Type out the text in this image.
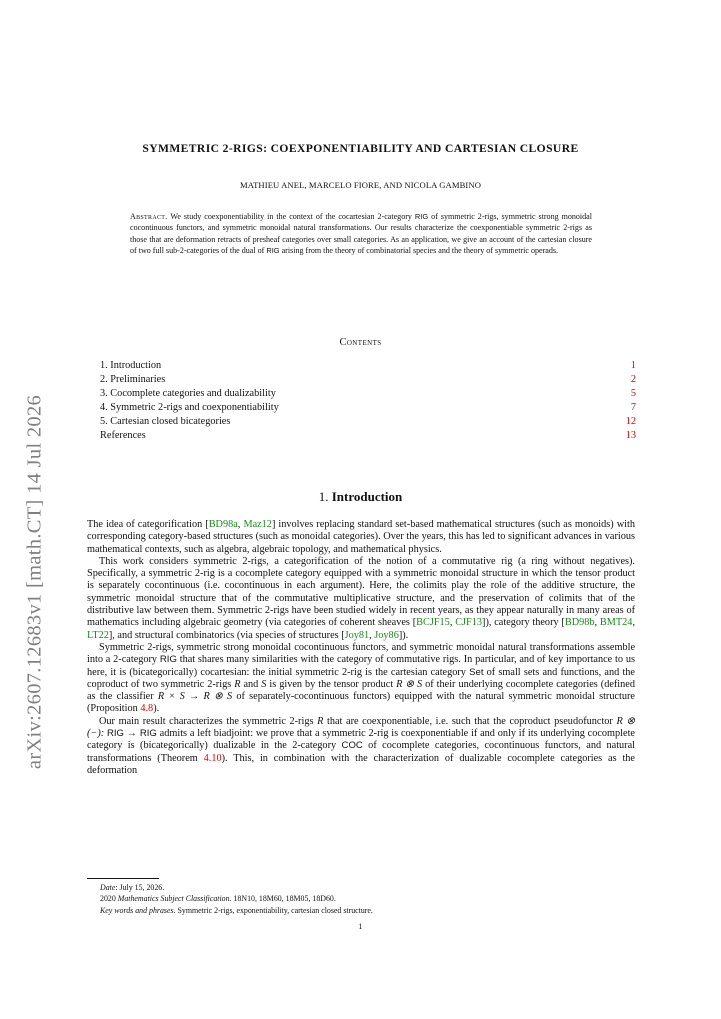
arXiv:2607.12683v1 [math.CT] 14 Jul 2026
SYMMETRIC 2-RIGS: COEXPONENTIABILITY AND CARTESIAN CLOSURE
MATHIEU ANEL, MARCELO FIORE, AND NICOLA GAMBINO
Abstract. We study coexponentiability in the context of the cocartesian 2-category RIG of symmetric 2-rigs, symmetric strong monoidal cocontinuous functors, and symmetric monoidal natural transformations. Our results characterize the coexponentiable symmetric 2-rigs as those that are deformation retracts of presheaf categories over small categories. As an application, we give an account of the cartesian closure of two full sub-2-categories of the dual of RIG arising from the theory of combinatorial species and the theory of symmetric operads.
Contents
1. Introduction	1
2. Preliminaries	2
3. Cocomplete categories and dualizability	5
4. Symmetric 2-rigs and coexponentiability	7
5. Cartesian closed bicategories	12
References	13
1. Introduction

The idea of categorification [BD98a, Maz12] involves replacing standard set-based mathematical structures (such as monoids) with corresponding category-based structures (such as monoidal categories). Over the years, this has led to significant advances in various mathematical contexts, such as algebra, algebraic topology, and mathematical physics.

This work considers symmetric 2-rigs, a categorification of the notion of a commutative rig (a ring without negatives). Specifically, a symmetric 2-rig is a cocomplete category equipped with a symmetric monoidal structure in which the tensor product is separately cocontinuous (i.e. cocontinuous in each argument). Here, the colimits play the role of the additive structure, the symmetric monoidal structure that of the commutative multiplicative structure, and the preservation of colimits that of the distributive law between them. Symmetric 2-rigs have been studied widely in recent years, as they appear naturally in many areas of mathematics including algebraic geometry (via categories of coherent sheaves [BCJF15, CJF13]), category theory [BD98b, BMT24, LT22], and structural combinatorics (via species of structures [Joy81, Joy86]).

Symmetric 2-rigs, symmetric strong monoidal cocontinuous functors, and symmetric monoidal natural transformations assemble into a 2-category RIG that shares many similarities with the category of commutative rigs. In particular, and of key importance to us here, it is (bicategorically) cocartesian: the initial symmetric 2-rig is the cartesian category Set of small sets and functions, and the coproduct of two symmetric 2-rigs R and S is given by the tensor product R ⊗ S of their underlying cocomplete categories (defined as the classifier R × S → R ⊗ S of separately-cocontinuous functors) equipped with the natural symmetric monoidal structure (Proposition 4.8).

Our main result characterizes the symmetric 2-rigs R that are coexponentiable, i.e. such that the coproduct pseudofunctor R ⊗ (−): RIG → RIG admits a left biadjoint: we prove that a symmetric 2-rig is coexponentiable if and only if its underlying cocomplete category is (bicategorically) dualizable in the 2-category COC of cocomplete categories, cocontinuous functors, and natural transformations (Theorem 4.10). This, in combination with the characterization of dualizable cocomplete categories as the deformation

Date: July 15, 2026.
2020 Mathematics Subject Classification. 18N10, 18M60, 18M05, 18D60.
Key words and phrases. Symmetric 2-rigs, exponentiability, cartesian closed structure.
1
